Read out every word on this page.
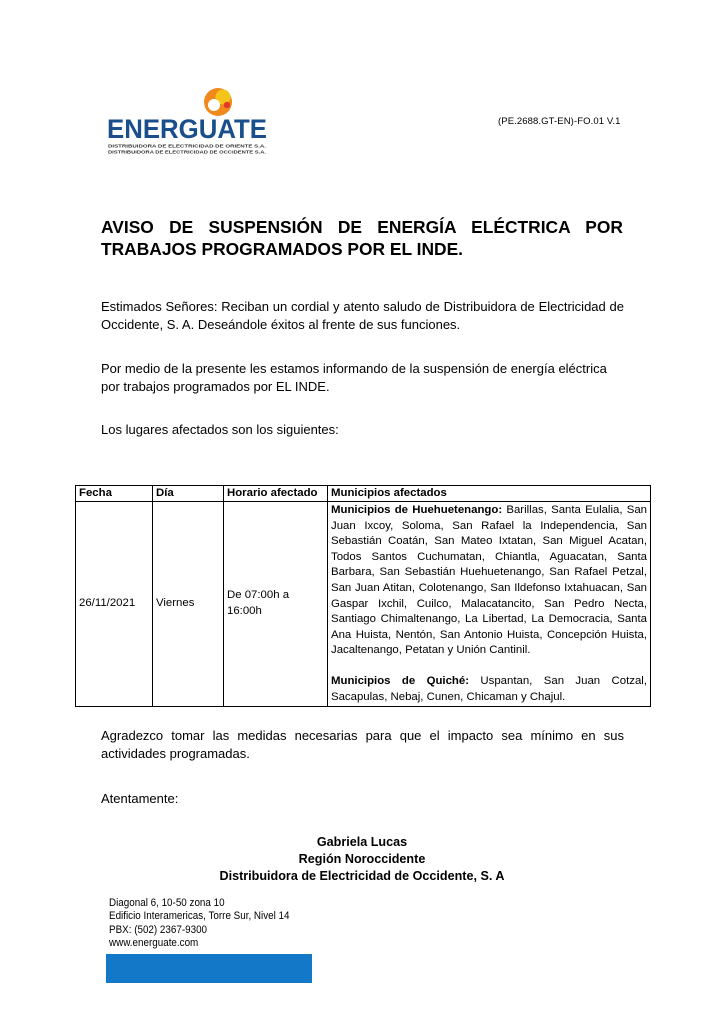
ENERGUATE
DISTRIBUIDORA DE ELECTRICIDAD DE ORIENTE S.A.
DISTRIBUIDORA DE ELECTRICIDAD DE OCCIDENTE S.A.
(PE.2688.GT-EN)-FO.01 V.1
AVISO DE SUSPENSIÓN DE ENERGÍA ELÉCTRICA POR TRABAJOS PROGRAMADOS POR EL INDE.

Estimados Señores: Reciban un cordial y atento saludo de Distribuidora de Electricidad de Occidente, S. A. Deseándole éxitos al frente de sus funciones.

Por medio de la presente les estamos informando de la suspensión de energía eléctrica por trabajos programados por EL INDE.

Los lugares afectados son los siguientes:

Fecha	Día	Horario afectado	Municipios afectados
26/11/2021	Viernes	De 07:00h a 16:00h	Municipios de Huehuetenango: Barillas, Santa Eulalia, San Juan Ixcoy, Soloma, San Rafael la Independencia, San Sebastián Coatán, San Mateo Ixtatan, San Miguel Acatan, Todos Santos Cuchumatan, Chiantla, Aguacatan, Santa Barbara, San Sebastián Huehuetenango, San Rafael Petzal, San Juan Atitan, Colotenango, San Ildefonso Ixtahuacan, San Gaspar Ixchil, Cuilco, Malacatancito, San Pedro Necta, Santiago Chimaltenango, La Libertad, La Democracia, Santa Ana Huista, Nentón, San Antonio Huista, Concepción Huista, Jacaltenango, Petatan y Unión Cantinil.

Municipios de Quiché: Uspantan, San Juan Cotzal, Sacapulas, Nebaj, Cunen, Chicaman y Chajul.

Agradezco tomar las medidas necesarias para que el impacto sea mínimo en sus actividades programadas.

Atentamente:

Gabriela Lucas
Región Noroccidente
Distribuidora de Electricidad de Occidente, S. A
Diagonal 6, 10-50 zona 10
Edificio Interamericas, Torre Sur, Nivel 14
PBX: (502) 2367-9300
www.energuate.com
